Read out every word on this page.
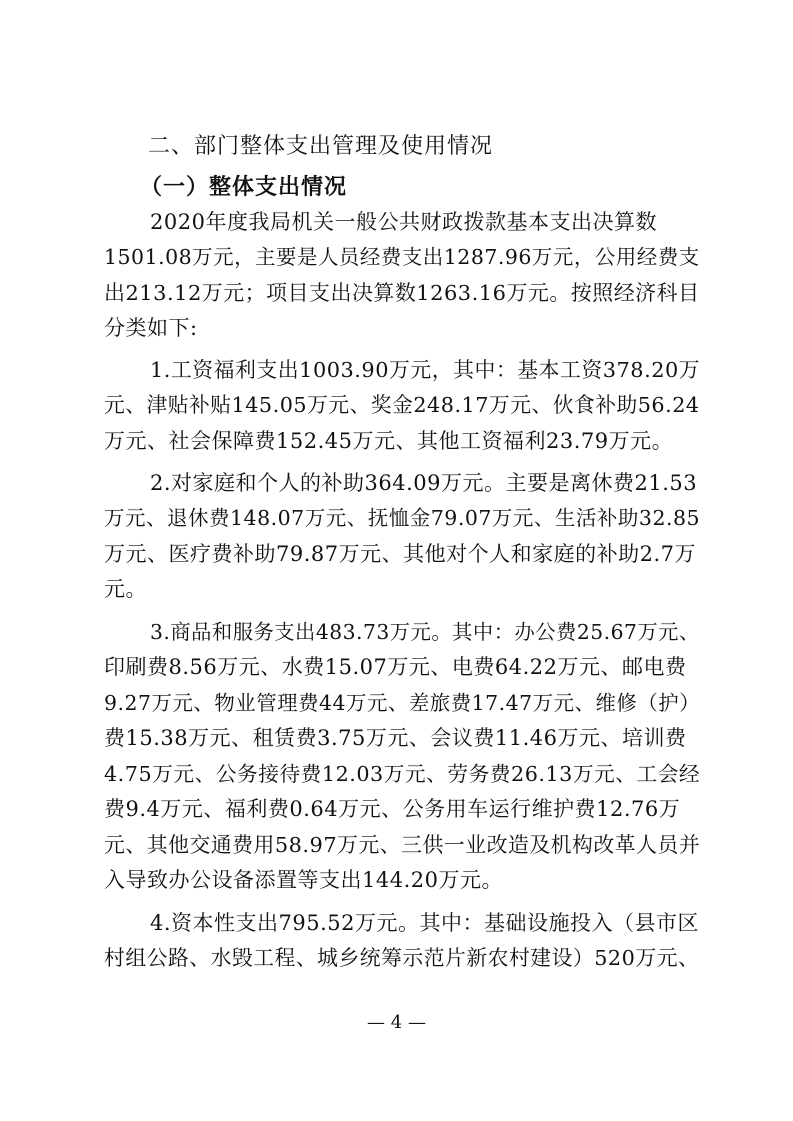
二、部门整体支出管理及使用情况
（一）整体支出情况
2020年度我局机关一般公共财政拨款基本支出决算数
1501.08万元，主要是人员经费支出1287.96万元，公用经费支
出213.12万元；项目支出决算数1263.16万元。按照经济科目
分类如下:
1.工资福利支出1003.90万元，其中：基本工资378.20万
元、津贴补贴145.05万元、奖金248.17万元、伙食补助56.24
万元、社会保障费152.45万元、其他工资福利23.79万元。
2.对家庭和个人的补助364.09万元。主要是离休费21.53
万元、退休费148.07万元、抚恤金79.07万元、生活补助32.85
万元、医疗费补助79.87万元、其他对个人和家庭的补助2.7万
元。
3.商品和服务支出483.73万元。其中：办公费25.67万元、
印刷费8.56万元、水费15.07万元、电费64.22万元、邮电费
9.27万元、物业管理费44万元、差旅费17.47万元、维修（护）
费15.38万元、租赁费3.75万元、会议费11.46万元、培训费
4.75万元、公务接待费12.03万元、劳务费26.13万元、工会经
费9.4万元、福利费0.64万元、公务用车运行维护费12.76万
元、其他交通费用58.97万元、三供一业改造及机构改革人员并
入导致办公设备添置等支出144.20万元。
4.资本性支出795.52万元。其中：基础设施投入（县市区
村组公路、水毁工程、城乡统筹示范片新农村建设）520万元、
— 4 —
